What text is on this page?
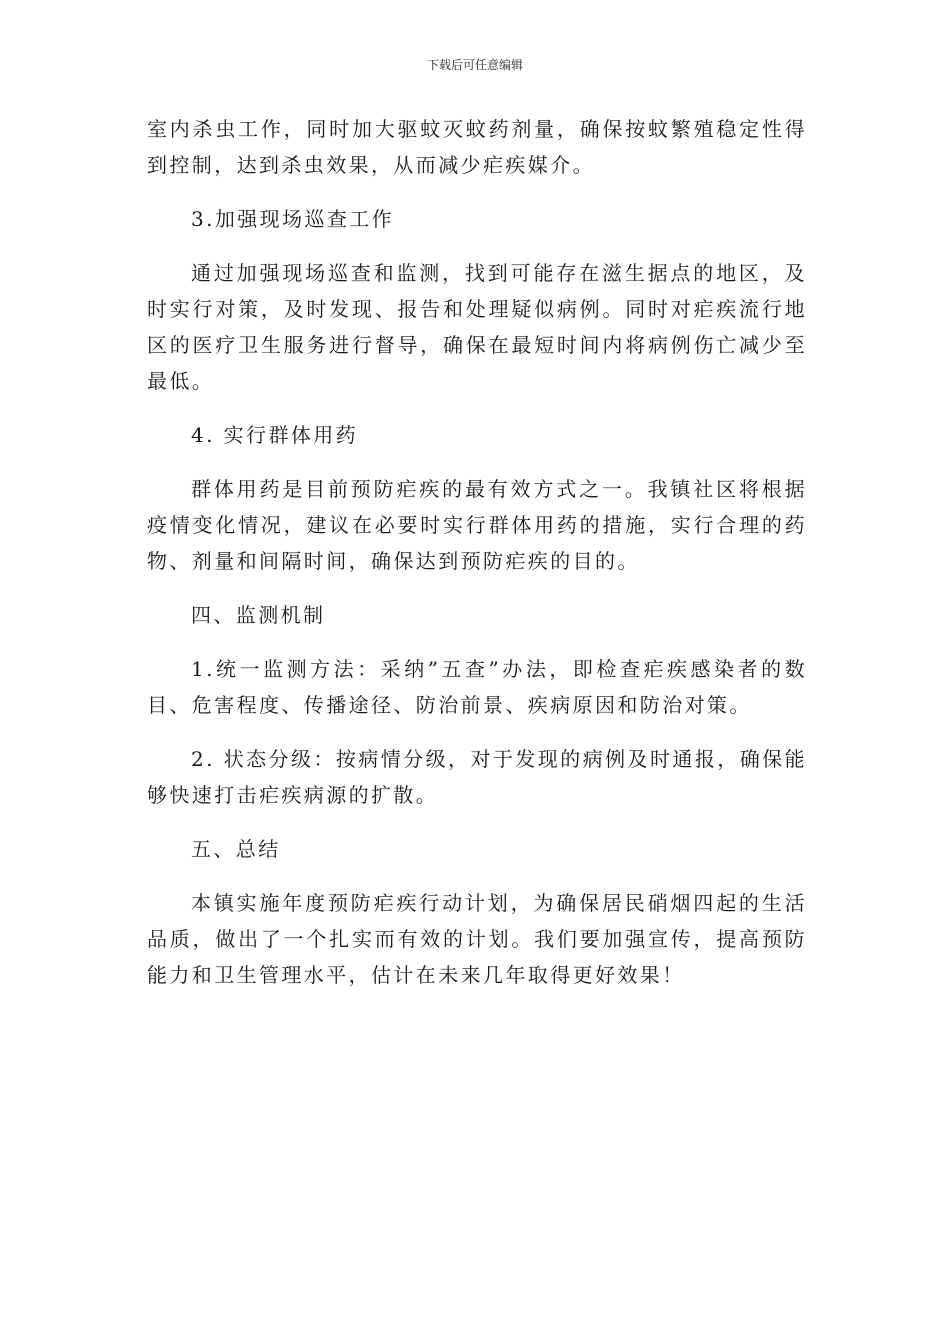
下载后可任意编辑

室内杀虫工作，同时加大驱蚊灭蚊药剂量，确保按蚊繁殖稳定性得到控制，达到杀虫效果，从而减少疟疾媒介。

3.加强现场巡查工作

通过加强现场巡查和监测，找到可能存在滋生据点的地区，及时实行对策，及时发现、报告和处理疑似病例。同时对疟疾流行地区的医疗卫生服务进行督导，确保在最短时间内将病例伤亡减少至最低。

4. 实行群体用药

群体用药是目前预防疟疾的最有效方式之一。我镇社区将根据疫情变化情况，建议在必要时实行群体用药的措施，实行合理的药物、剂量和间隔时间，确保达到预防疟疾的目的。

四、监测机制

1.统一监测方法：采纳”五查”办法，即检查疟疾感染者的数目、危害程度、传播途径、防治前景、疾病原因和防治对策。

2. 状态分级：按病情分级，对于发现的病例及时通报，确保能够快速打击疟疾病源的扩散。

五、总结

本镇实施年度预防疟疾行动计划，为确保居民硝烟四起的生活品质，做出了一个扎实而有效的计划。我们要加强宣传，提高预防能力和卫生管理水平，估计在未来几年取得更好效果！
